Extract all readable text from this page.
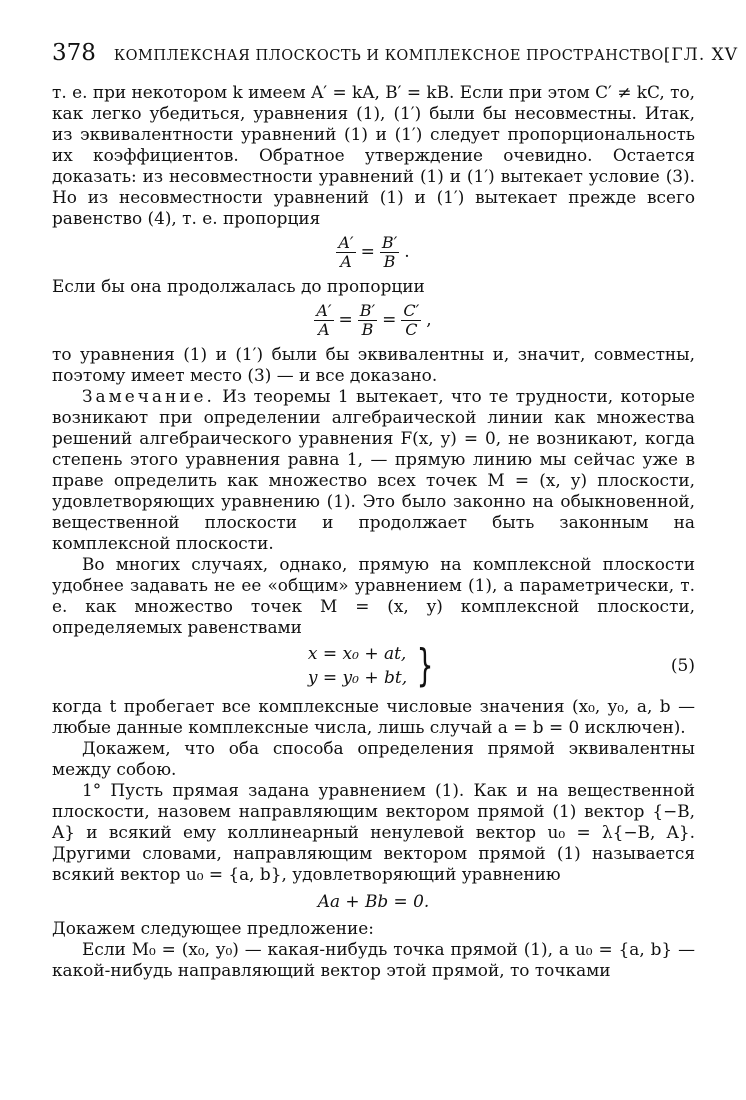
378 КОМПЛЕКСНАЯ ПЛОСКОСТЬ И КОМПЛЕКСНОЕ ПРОСТРАНСТВО [ГЛ. XV

т. е. при некотором k имеем A′ = kA, B′ = kB. Если при этом C′ ≠ kC, то, как легко убедиться, уравнения (1), (1′) были бы несовместны. Итак, из эквивалентности уравнений (1) и (1′) следует пропорциональность их коэффициентов. Обратное утверждение очевидно. Остается доказать: из несовместности уравнений (1) и (1′) вытекает условие (3). Но из несовместности уравнений (1) и (1′) вытекает прежде всего равенство (4), т. е. пропорция

$\frac{A'}{A} = \frac{B'}{B}$ .

Если бы она продолжалась до пропорции

$\frac{A'}{A} = \frac{B'}{B} = \frac{C'}{C}$ ,

то уравнения (1) и (1′) были бы эквивалентны и, значит, совместны, поэтому имеет место (3) — и все доказано.

Замечание. Из теоремы 1 вытекает, что те трудности, которые возникают при определении алгебраической линии как множества решений алгебраического уравнения F(x, y) = 0, не возникают, когда степень этого уравнения равна 1, — прямую линию мы сейчас уже в праве определить как множество всех точек M = (x, y) плоскости, удовлетворяющих уравнению (1). Это было законно на обыкновенной, вещественной плоскости и продолжает быть законным на комплексной плоскости.

Во многих случаях, однако, прямую на комплексной плоскости удобнее задавать не ее «общим» уравнением (1), а параметрически, т. е. как множество точек M = (x, y) комплексной плоскости, определяемых равенствами

x = x₀ + at,
y = y₀ + bt, }	(5)

когда t пробегает все комплексные числовые значения (x₀, y₀, a, b — любые данные комплексные числа, лишь случай a = b = 0 исключен).

Докажем, что оба способа определения прямой эквивалентны между собою.

1° Пусть прямая задана уравнением (1). Как и на вещественной плоскости, назовем направляющим вектором прямой (1) вектор {−B, A} и всякий ему коллинеарный ненулевой вектор u₀ = λ{−B, A}. Другими словами, направляющим вектором прямой (1) называется всякий вектор u₀ = {a, b}, удовлетворяющий уравнению

Aa + Bb = 0.

Докажем следующее предложение:

Если M₀ = (x₀, y₀) — какая-нибудь точка прямой (1), а u₀ = {a, b} — какой-нибудь направляющий вектор этой прямой, то точками
